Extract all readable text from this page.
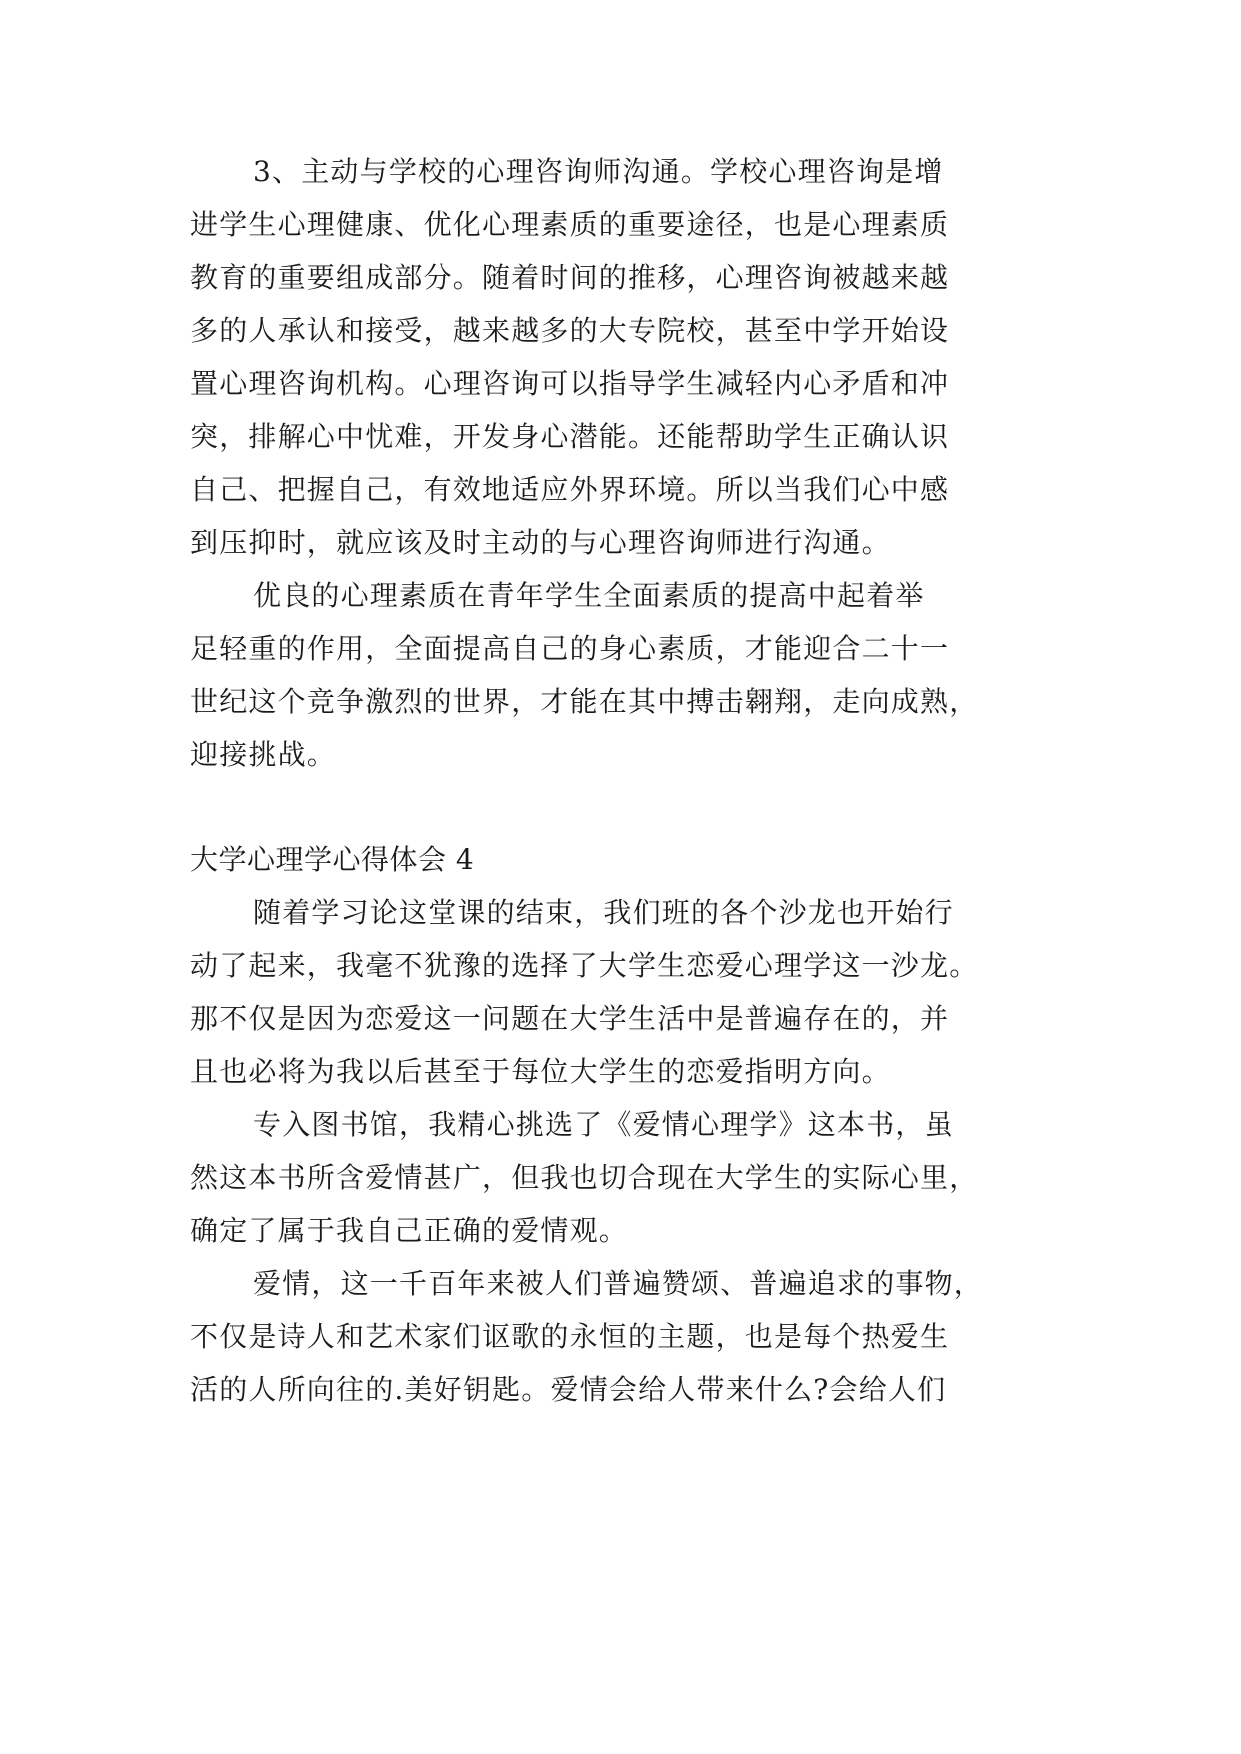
3、主动与学校的心理咨询师沟通。学校心理咨询是增
进学生心理健康、优化心理素质的重要途径，也是心理素质
教育的重要组成部分。随着时间的推移，心理咨询被越来越
多的人承认和接受，越来越多的大专院校，甚至中学开始设
置心理咨询机构。心理咨询可以指导学生减轻内心矛盾和冲
突，排解心中忧难，开发身心潜能。还能帮助学生正确认识
自己、把握自己，有效地适应外界环境。所以当我们心中感
到压抑时，就应该及时主动的与心理咨询师进行沟通。
优良的心理素质在青年学生全面素质的提高中起着举
足轻重的作用，全面提高自己的身心素质，才能迎合二十一
世纪这个竞争激烈的世界，才能在其中搏击翱翔，走向成熟，
迎接挑战。
大学心理学心得体会 4
随着学习论这堂课的结束，我们班的各个沙龙也开始行
动了起来，我毫不犹豫的选择了大学生恋爱心理学这一沙龙。
那不仅是因为恋爱这一问题在大学生活中是普遍存在的，并
且也必将为我以后甚至于每位大学生的恋爱指明方向。
专入图书馆，我精心挑选了《爱情心理学》这本书，虽
然这本书所含爱情甚广，但我也切合现在大学生的实际心里，
确定了属于我自己正确的爱情观。
爱情，这一千百年来被人们普遍赞颂、普遍追求的事物，
不仅是诗人和艺术家们讴歌的永恒的主题，也是每个热爱生
活的人所向往的.美好钥匙。爱情会给人带来什么?会给人们
